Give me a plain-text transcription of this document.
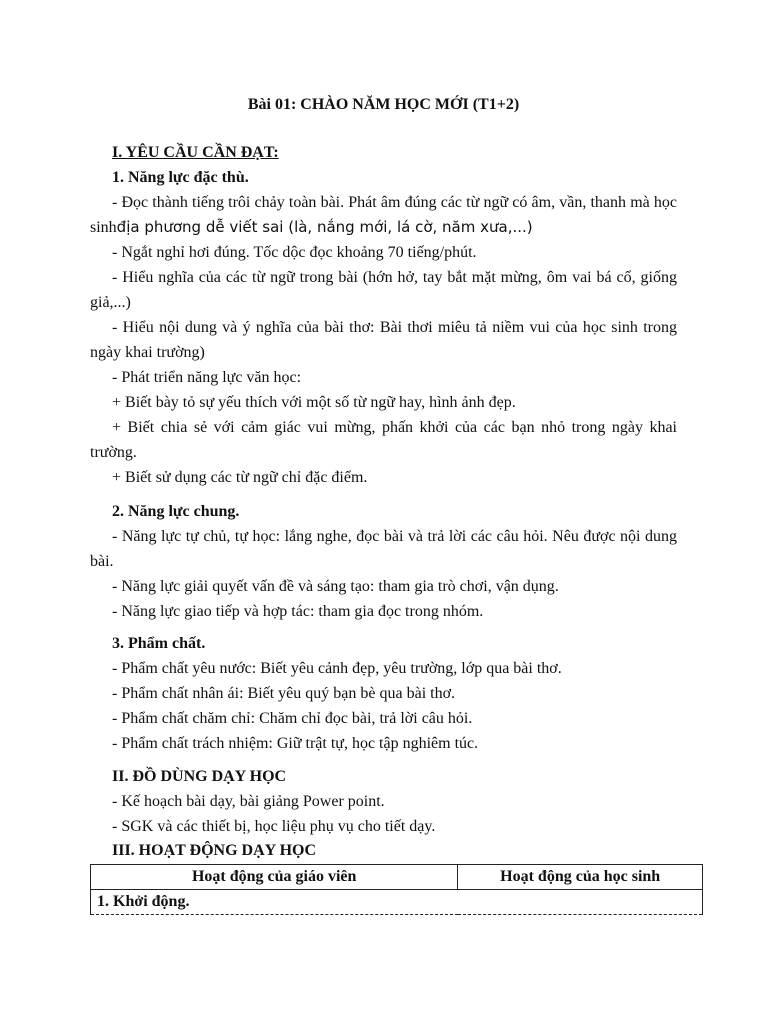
Bài 01: CHÀO NĂM HỌC MỚI (T1+2)

I. YÊU CẦU CẦN ĐẠT:

1. Năng lực đặc thù.

- Đọc thành tiếng trôi chảy toàn bài. Phát âm đúng các từ ngữ có âm, vần, thanh mà học sinhđịa phương dễ viết sai (là, nắng mới, lá cờ, năm xưa,...)

- Ngắt nghỉ hơi đúng. Tốc dộc đọc khoảng 70 tiếng/phút.

- Hiểu nghĩa của các từ ngữ trong bài (hớn hở, tay bắt mặt mừng, ôm vai bá cổ, giống giả,...)

- Hiểu nội dung và ý nghĩa của bài thơ: Bài thơi miêu tả niềm vui của học sinh trong ngày khai trường)

- Phát triển năng lực văn học:

+ Biết bày tỏ sự yếu thích với một số từ ngữ hay, hình ảnh đẹp.

+ Biết chia sẻ với cảm giác vui mừng, phấn khởi của các bạn nhỏ trong ngày khai trường.

+ Biết sử dụng các từ ngữ chỉ đặc điểm.

2. Năng lực chung.

- Năng lực tự chủ, tự học: lắng nghe, đọc bài và trả lời các câu hỏi. Nêu được nội dung bài.

- Năng lực giải quyết vấn đề và sáng tạo: tham gia trò chơi, vận dụng.

- Năng lực giao tiếp và hợp tác: tham gia đọc trong nhóm.

3. Phẩm chất.

- Phẩm chất yêu nước: Biết yêu cảnh đẹp, yêu trường, lớp qua bài thơ.

- Phẩm chất nhân ái: Biết yêu quý bạn bè qua bài thơ.

- Phẩm chất chăm chỉ: Chăm chỉ đọc bài, trả lời câu hỏi.

- Phẩm chất trách nhiệm: Giữ trật tự, học tập nghiêm túc.

II. ĐỒ DÙNG DẠY HỌC

- Kế hoạch bài dạy, bài giảng Power point.

- SGK và các thiết bị, học liệu phụ vụ cho tiết dạy.

III. HOẠT ĐỘNG DẠY HỌC

Hoạt động của giáo viên	Hoạt động của học sinh
1. Khởi động.
